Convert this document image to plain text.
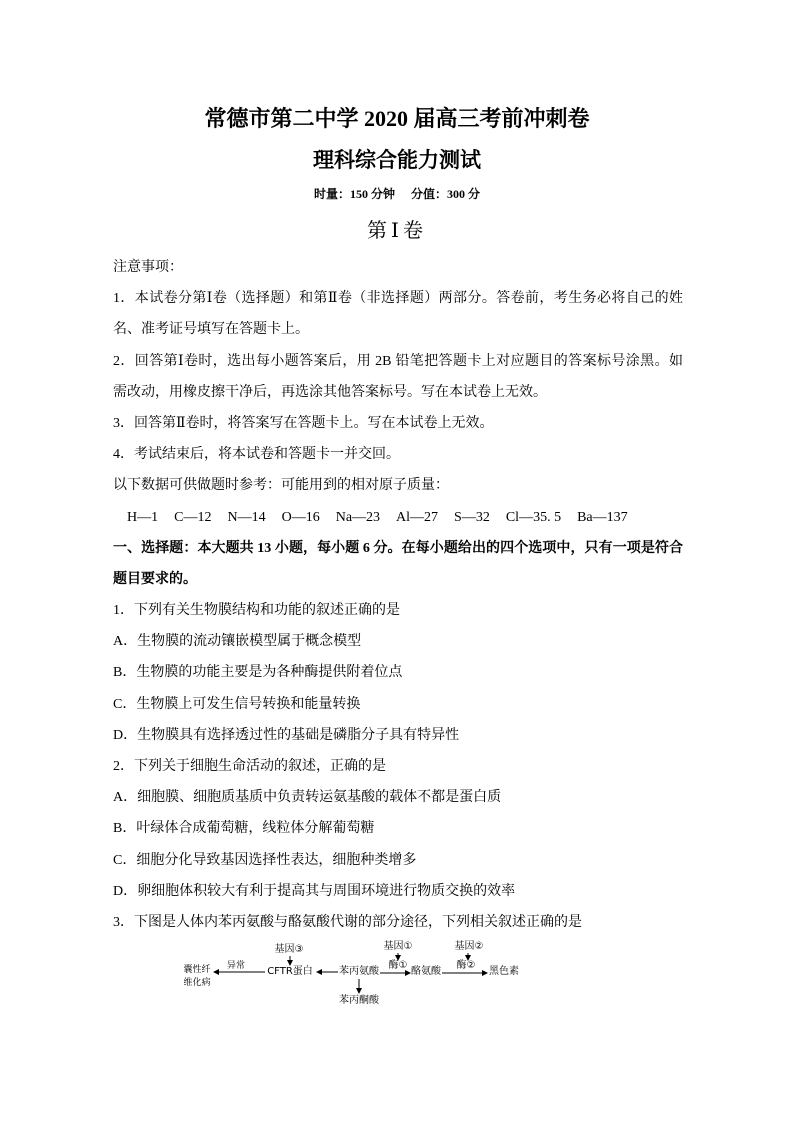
常德市第二中学 2020 届高三考前冲刺卷
理科综合能力测试
时量：150 分钟 分值：300 分
第Ⅰ卷
注意事项：
1．本试卷分第Ⅰ卷（选择题）和第Ⅱ卷（非选择题）两部分。答卷前，考生务必将自己的姓
名、准考证号填写在答题卡上。
2．回答第Ⅰ卷时，选出每小题答案后，用 2B 铅笔把答题卡上对应题目的答案标号涂黑。如
需改动，用橡皮擦干净后，再选涂其他答案标号。写在本试卷上无效。
3．回答第Ⅱ卷时，将答案写在答题卡上。写在本试卷上无效。
4．考试结束后，将本试卷和答题卡一并交回。
以下数据可供做题时参考：可能用到的相对原子质量：
H—1 C—12 N—14 O—16 Na—23 Al—27 S—32 Cl—35. 5 Ba—137
一、选择题：本大题共 13 小题，每小题 6 分。在每小题给出的四个选项中，只有一项是符合
题目要求的。
1．下列有关生物膜结构和功能的叙述正确的是
A．生物膜的流动镶嵌模型属于概念模型
B．生物膜的功能主要是为各种酶提供附着位点
C．生物膜上可发生信号转换和能量转换
D．生物膜具有选择透过性的基础是磷脂分子具有特异性
2．下列关于细胞生命活动的叙述，正确的是
A．细胞膜、细胞质基质中负责转运氨基酸的载体不都是蛋白质
B．叶绿体合成葡萄糖，线粒体分解葡萄糖
C．细胞分化导致基因选择性表达，细胞种类增多
D．卵细胞体积较大有利于提高其与周围环境进行物质交换的效率
3．下图是人体内苯丙氨酸与酪氨酸代谢的部分途径，下列相关叙述正确的是
基因③
CFTR蛋白
异常
囊性纤
维化病
苯丙氨酸
苯丙酮酸
基因①
酶①
酪氨酸
基因②
酶②
黑色素
